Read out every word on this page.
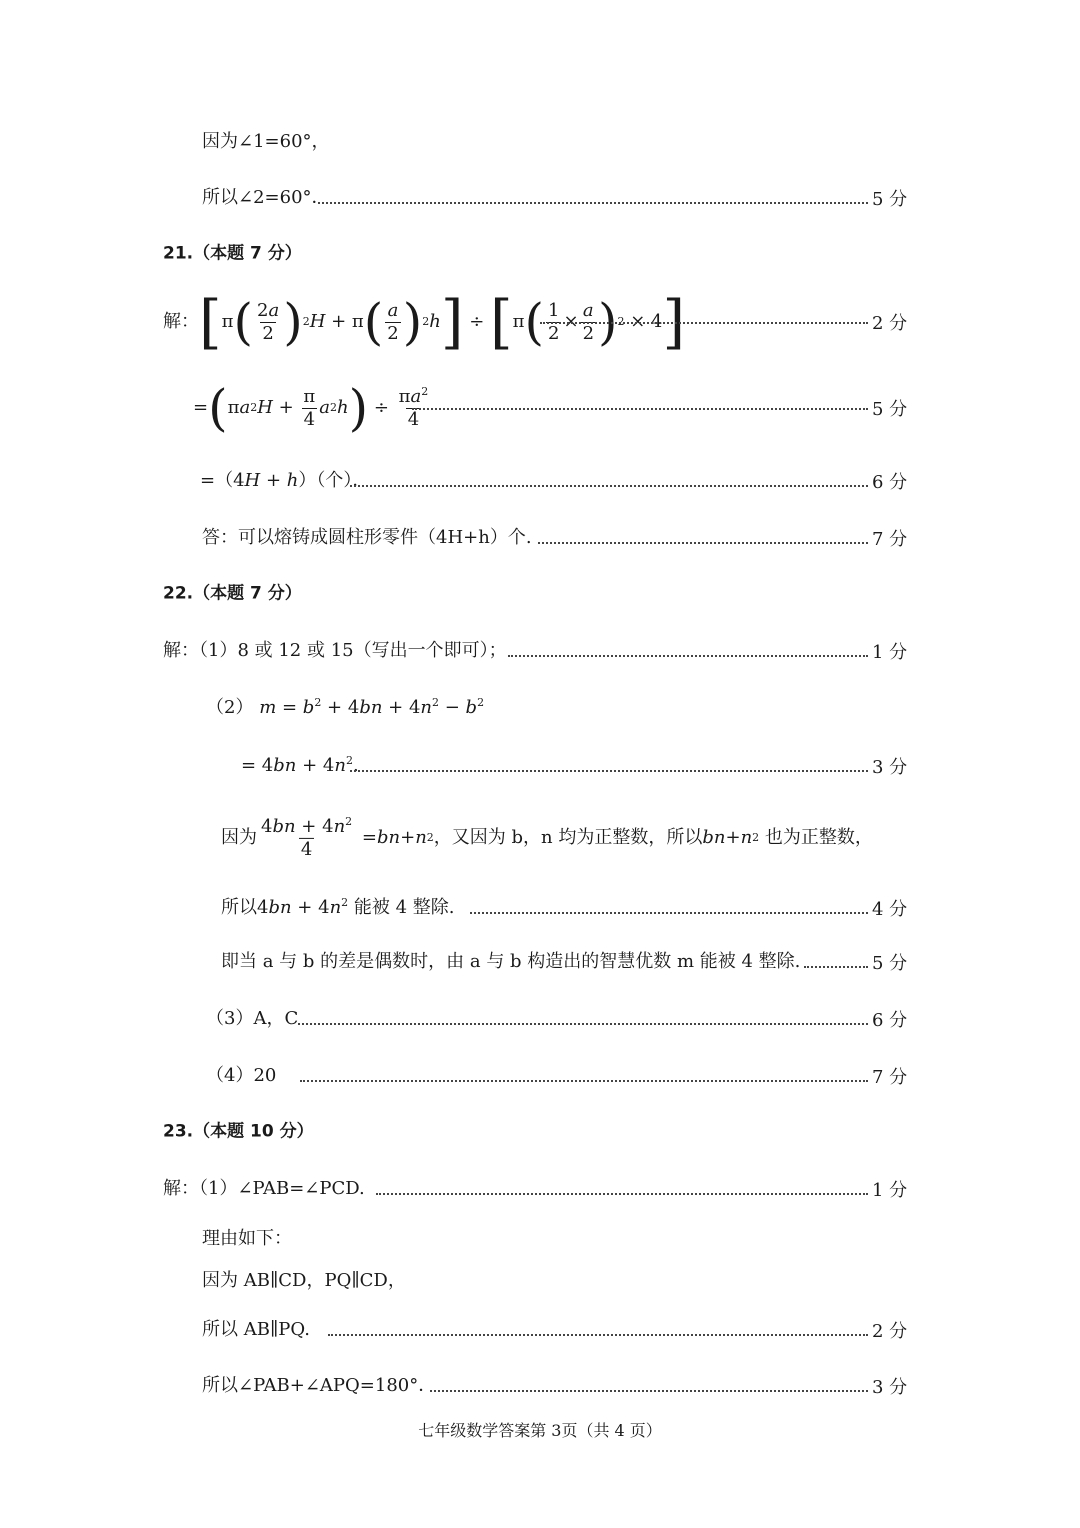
因为∠1=60°，
所以∠2=60°．	5 分
21.（本题 7 分）
解： [ π ( $\frac{2a}{2}$ ) 2 H + π ( $\frac{a}{2}$ ) 2 h ] ÷ [ π ( $\frac{1}{2} \times \frac{a}{2}$ ) 2 × 4 ]	2 分
= ( π a 2 $H + \frac{\pi}{4}$ a 2 h ) ÷ $\frac{\pi a^2}{4}$	5 分
=（4H + h）（个）．	6 分
答：可以熔铸成圆柱形零件（4H+h）个.	7 分
22.（本题 7 分）
解：（1）8 或 12 或 15（写出一个即可）；	1 分
（2） $m = b^2 + 4bn + 4n^2 - b^2$
= $4bn + 4n^2$.	3 分
因为 $\frac{4bn + 4n^2}{4}$ = bn + n 2 ，又因为 b，n 均为正整数，所以 bn + n 2
也为正整数，
所以$4bn + 4n^2$ 能被 4 整除.	4 分
即当 a 与 b 的差是偶数时，由 a 与 b 构造出的智慧优数 m 能被 4 整除.	5 分
（3）A，C	6 分
（4）20	7 分
23.（本题 10 分）
解：（1）∠PAB=∠PCD.	1 分
理由如下：
因为 AB∥CD，PQ∥CD，
所以 AB∥PQ.	2 分
所以∠PAB+∠APQ=180°．	3 分
七年级数学答案第 3页（共 4 页）
